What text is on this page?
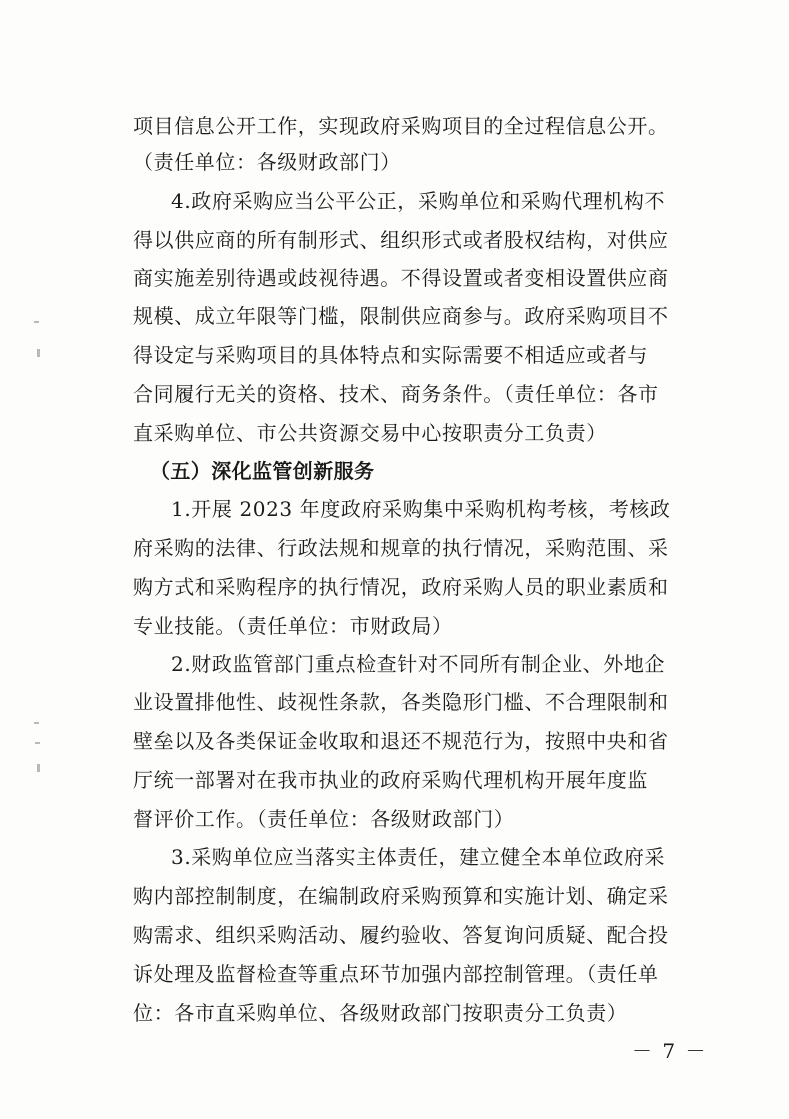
项目信息公开工作，实现政府采购项目的全过程信息公开。
（责任单位：各级财政部门）
4.政府采购应当公平公正，采购单位和采购代理机构不
得以供应商的所有制形式、组织形式或者股权结构，对供应
商实施差别待遇或歧视待遇。不得设置或者变相设置供应商
规模、成立年限等门槛，限制供应商参与。政府采购项目不
得设定与采购项目的具体特点和实际需要不相适应或者与
合同履行无关的资格、技术、商务条件。（责任单位：各市
直采购单位、市公共资源交易中心按职责分工负责）
（五）深化监管创新服务
1.开展 2023 年度政府采购集中采购机构考核，考核政
府采购的法律、行政法规和规章的执行情况，采购范围、采
购方式和采购程序的执行情况，政府采购人员的职业素质和
专业技能。（责任单位：市财政局）
2.财政监管部门重点检查针对不同所有制企业、外地企
业设置排他性、歧视性条款，各类隐形门槛、不合理限制和
壁垒以及各类保证金收取和退还不规范行为，按照中央和省
厅统一部署对在我市执业的政府采购代理机构开展年度监
督评价工作。（责任单位：各级财政部门）
3.采购单位应当落实主体责任，建立健全本单位政府采
购内部控制制度，在编制政府采购预算和实施计划、确定采
购需求、组织采购活动、履约验收、答复询问质疑、配合投
诉处理及监督检查等重点环节加强内部控制管理。（责任单
位：各市直采购单位、各级财政部门按职责分工负责）
－ 7 －
